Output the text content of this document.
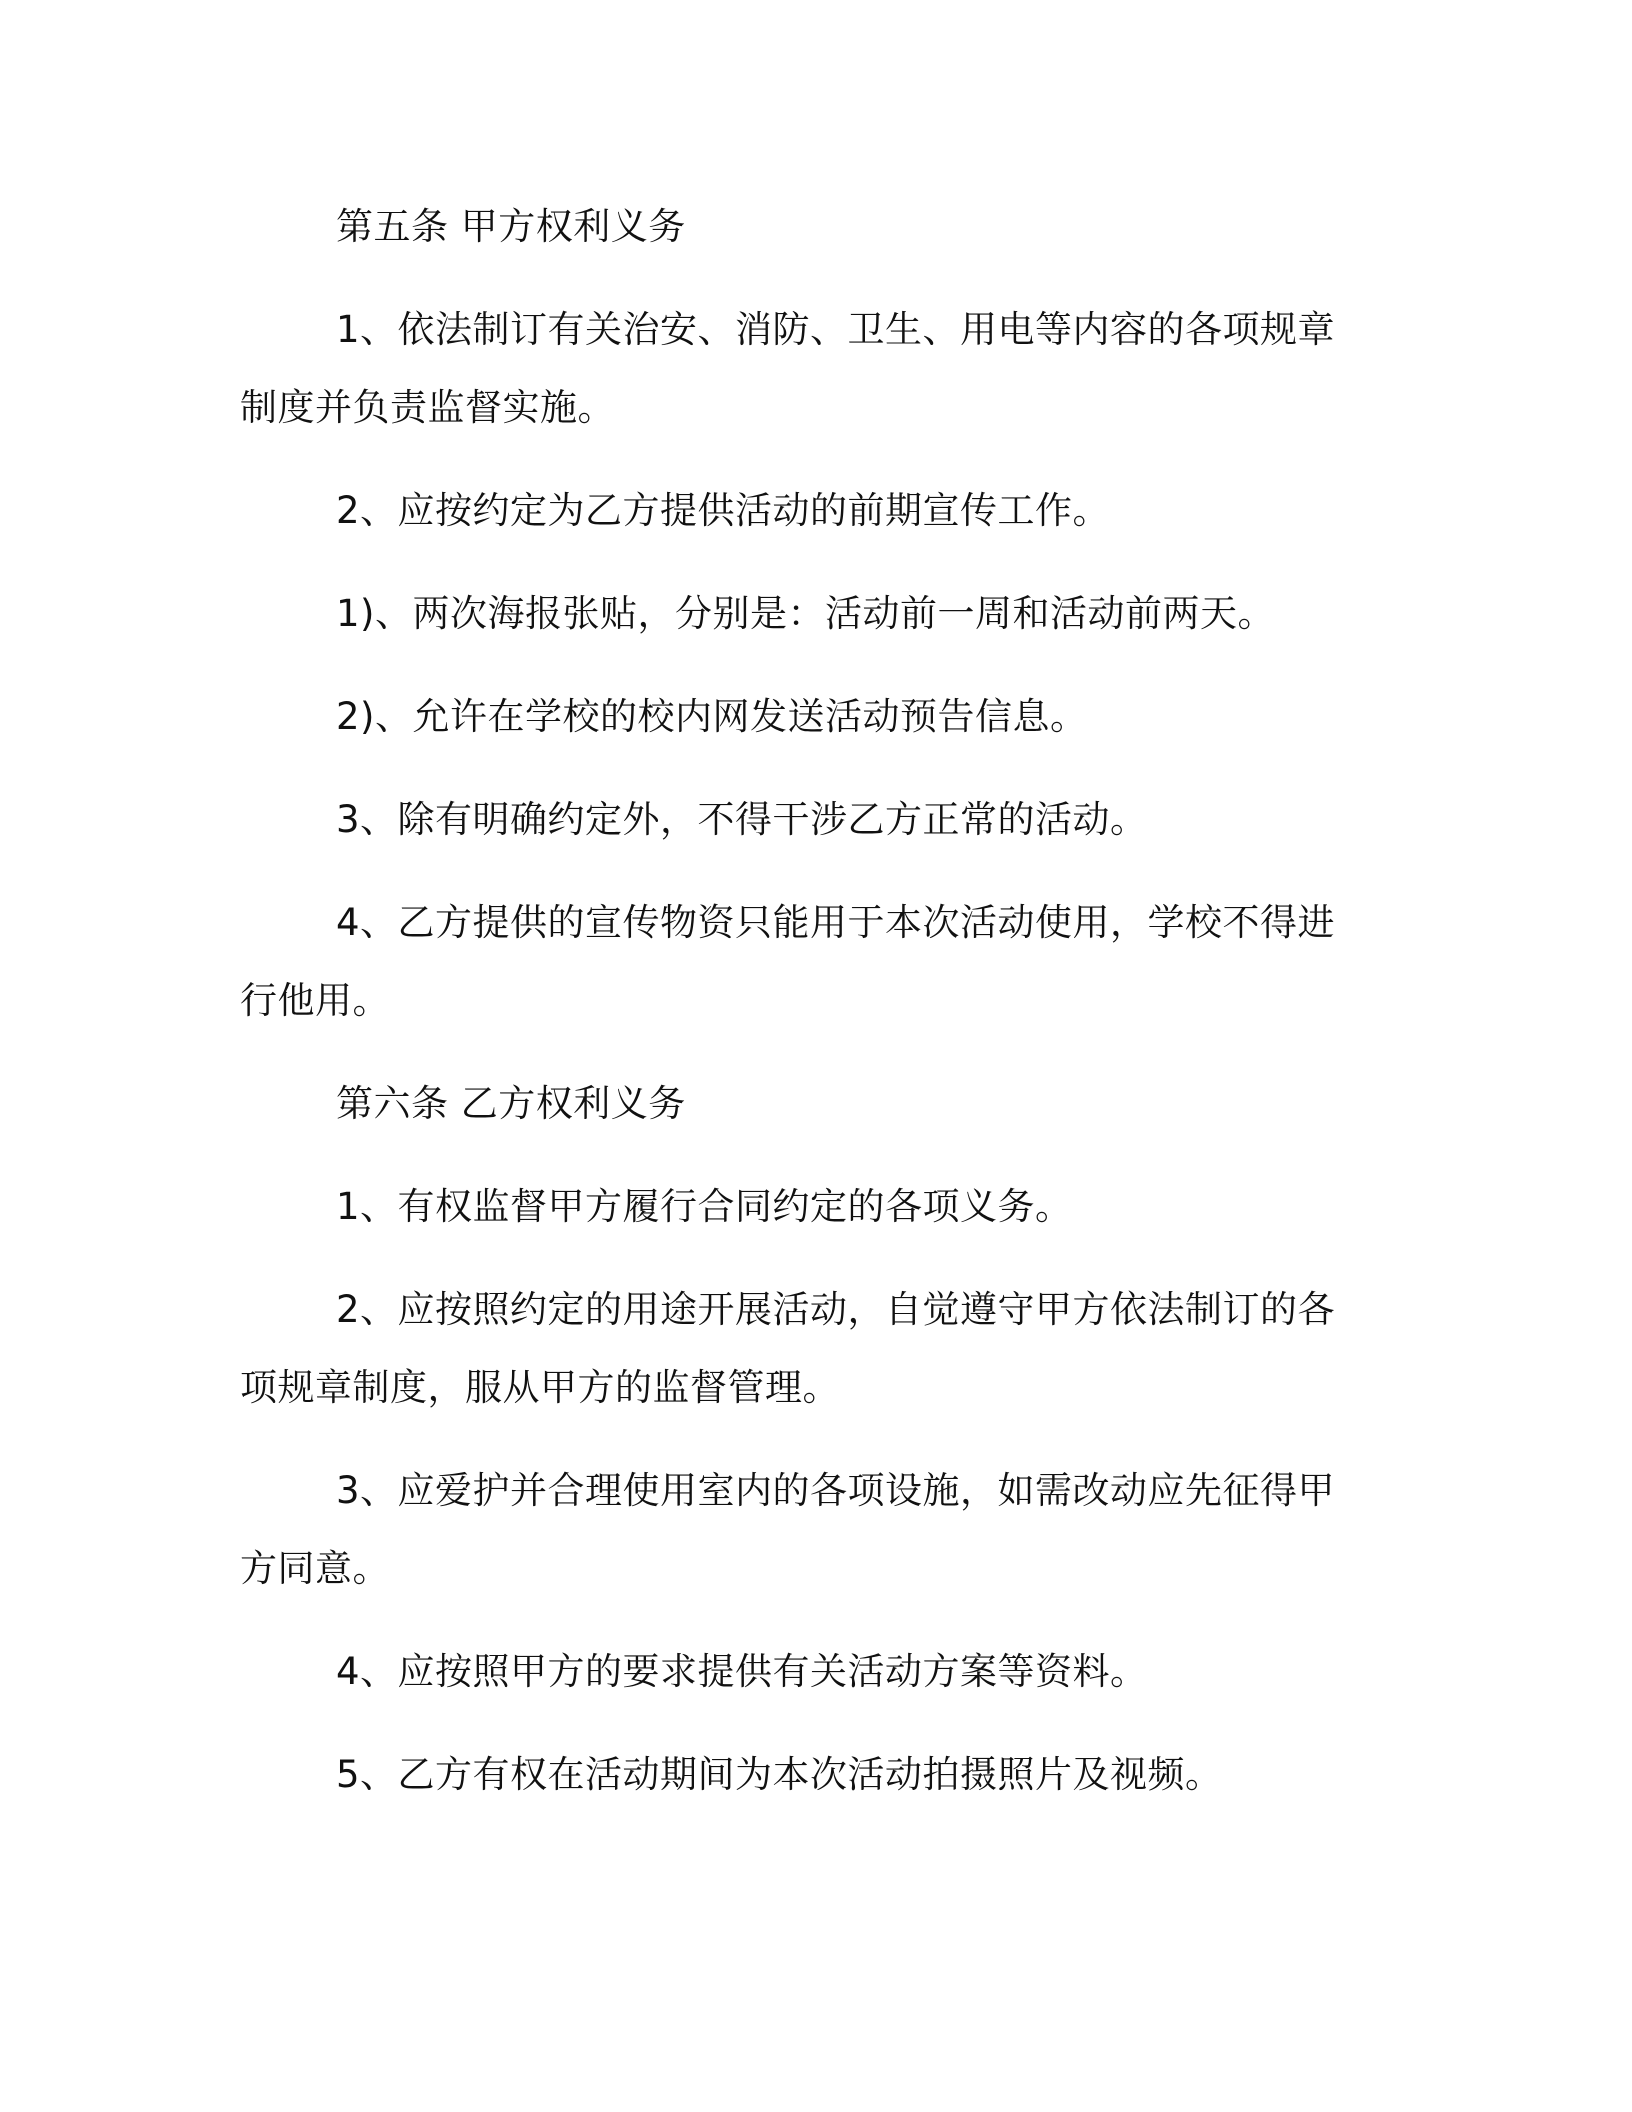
第五条 甲方权利义务

1、依法制订有关治安、消防、卫生、用电等内容的各项规章制度并负责监督实施。

2、应按约定为乙方提供活动的前期宣传工作。

1)、两次海报张贴，分别是：活动前一周和活动前两天。

2)、允许在学校的校内网发送活动预告信息。

3、除有明确约定外，不得干涉乙方正常的活动。

4、乙方提供的宣传物资只能用于本次活动使用，学校不得进行他用。

第六条 乙方权利义务

1、有权监督甲方履行合同约定的各项义务。

2、应按照约定的用途开展活动，自觉遵守甲方依法制订的各项规章制度，服从甲方的监督管理。

3、应爱护并合理使用室内的各项设施，如需改动应先征得甲方同意。

4、应按照甲方的要求提供有关活动方案等资料。

5、乙方有权在活动期间为本次活动拍摄照片及视频。
